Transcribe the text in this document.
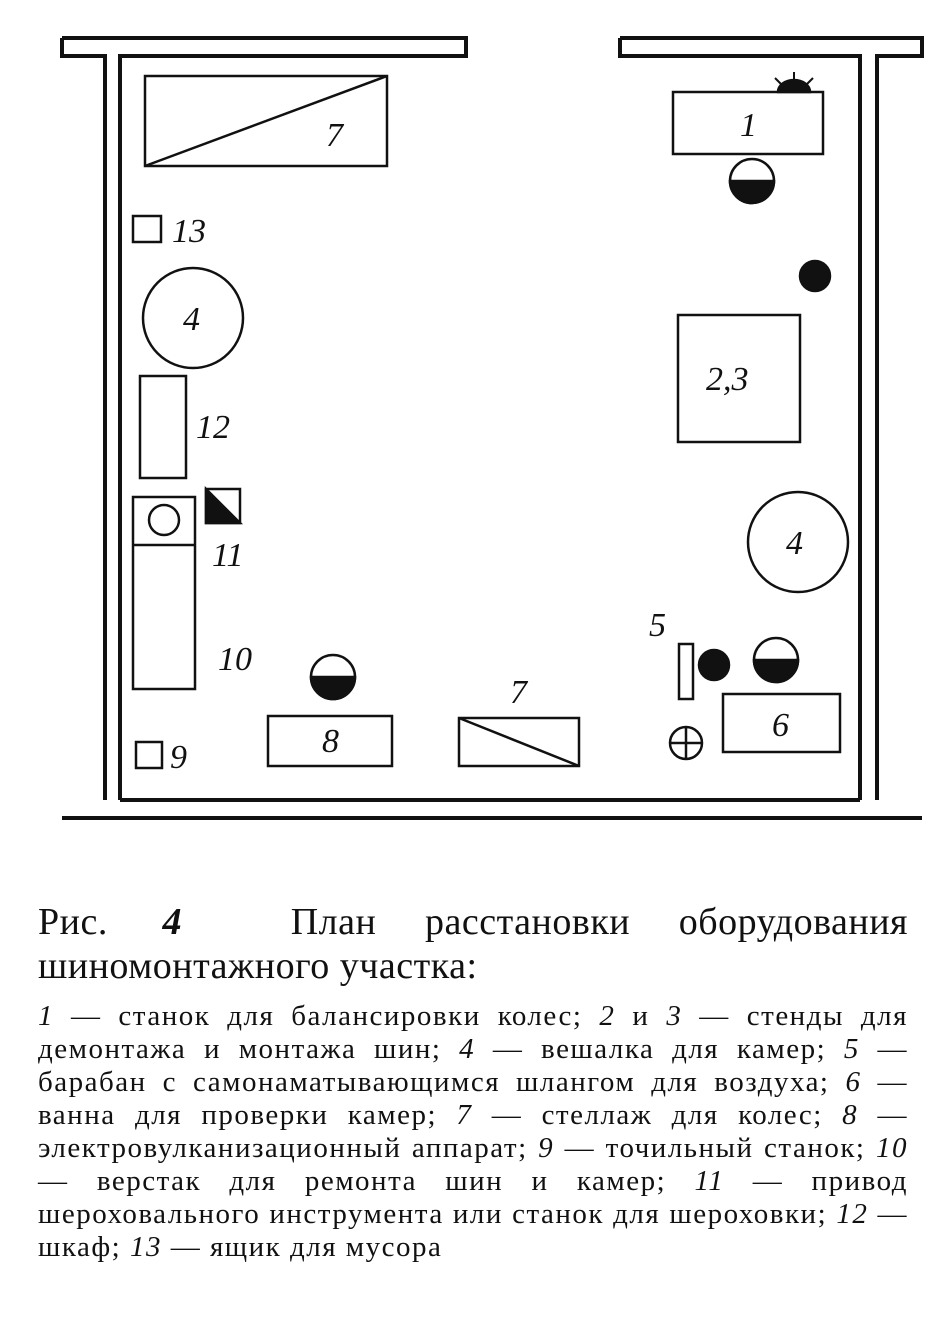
7	1
13
4
12
11
10
9	8
7
2,3
4
5
6
Рис. 4	План расстановки оборудования шиномонтажного участка:
1 — станок для балансировки колес; 2 и 3 — стенды для демонтажа и монтажа шин; 4 — вешалка для камер; 5 — барабан с самонаматывающимся шлангом для воздуха; 6 — ванна для проверки камер; 7 — стеллаж для колес; 8 — электровулканизационный аппарат; 9 — точильный станок; 10 — верстак для ремонта шин и камер; 11 — привод шероховального инструмента или станок для шероховки; 12 — шкаф; 13 — ящик для мусора
